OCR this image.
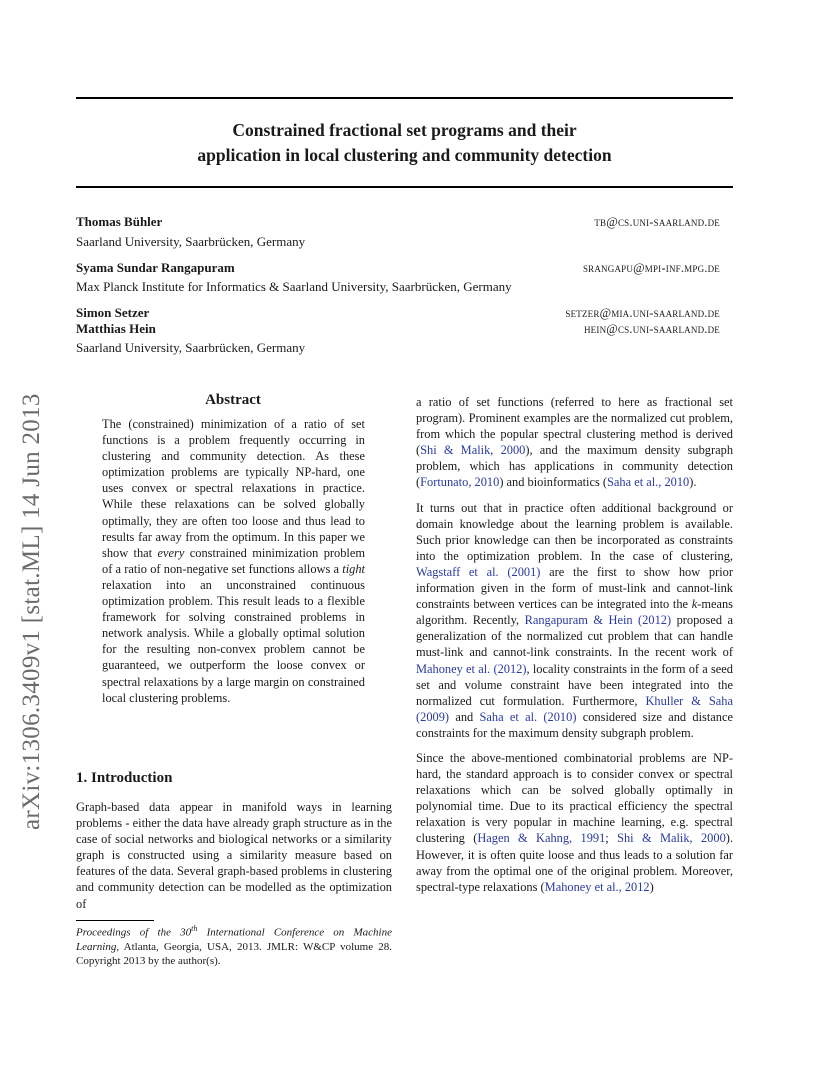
Constrained fractional set programs and their
application in local clustering and community detection
Thomas Bühler	tb@cs.uni-saarland.de
Saarland University, Saarbrücken, Germany
Syama Sundar Rangapuram	srangapu@mpi-inf.mpg.de
Max Planck Institute for Informatics & Saarland University, Saarbrücken, Germany
Simon Setzer	setzer@mia.uni-saarland.de
Matthias Hein	hein@cs.uni-saarland.de
Saarland University, Saarbrücken, Germany
arXiv:1306.3409v1 [stat.ML] 14 Jun 2013	Abstract
The (constrained) minimization of a ratio of set functions is a problem frequently occurring in clustering and community detection. As these optimization problems are typically NP-hard, one uses convex or spectral relaxations in practice. While these relaxations can be solved globally optimally, they are often too loose and thus lead to results far away from the optimum. In this paper we show that every constrained minimization problem of a ratio of non-negative set functions allows a tight relaxation into an unconstrained continuous optimization problem. This result leads to a flexible framework for solving constrained problems in network analysis. While a globally optimal solution for the resulting non-convex problem cannot be guaranteed, we outperform the loose convex or spectral relaxations by a large margin on constrained local clustering problems.
1. Introduction
Graph-based data appear in manifold ways in learning problems - either the data have already graph structure as in the case of social networks and biological networks or a similarity graph is constructed using a similarity measure based on features of the data. Several graph-based problems in clustering and community detection can be modelled as the optimization of
Proceedings of the 30th International Conference on Machine Learning, Atlanta, Georgia, USA, 2013. JMLR: W&CP volume 28. Copyright 2013 by the author(s).

a ratio of set functions (referred to here as fractional set program). Prominent examples are the normalized cut problem, from which the popular spectral clustering method is derived (Shi & Malik, 2000), and the maximum density subgraph problem, which has applications in community detection (Fortunato, 2010) and bioinformatics (Saha et al., 2010).

It turns out that in practice often additional background or domain knowledge about the learning problem is available. Such prior knowledge can then be incorporated as constraints into the optimization problem. In the case of clustering, Wagstaff et al. (2001) are the first to show how prior information given in the form of must-link and cannot-link constraints between vertices can be integrated into the k-means algorithm. Recently, Rangapuram & Hein (2012) proposed a generalization of the normalized cut problem that can handle must-link and cannot-link constraints. In the recent work of Mahoney et al. (2012), locality constraints in the form of a seed set and volume constraint have been integrated into the normalized cut formulation. Furthermore, Khuller & Saha (2009) and Saha et al. (2010) considered size and distance constraints for the maximum density subgraph problem.

Since the above-mentioned combinatorial problems are NP-hard, the standard approach is to consider convex or spectral relaxations which can be solved globally optimally in polynomial time. Due to its practical efficiency the spectral relaxation is very popular in machine learning, e.g. spectral clustering (Hagen & Kahng, 1991; Shi & Malik, 2000). However, it is often quite loose and thus leads to a solution far away from the optimal one of the original problem. Moreover, spectral-type relaxations (Mahoney et al., 2012)
